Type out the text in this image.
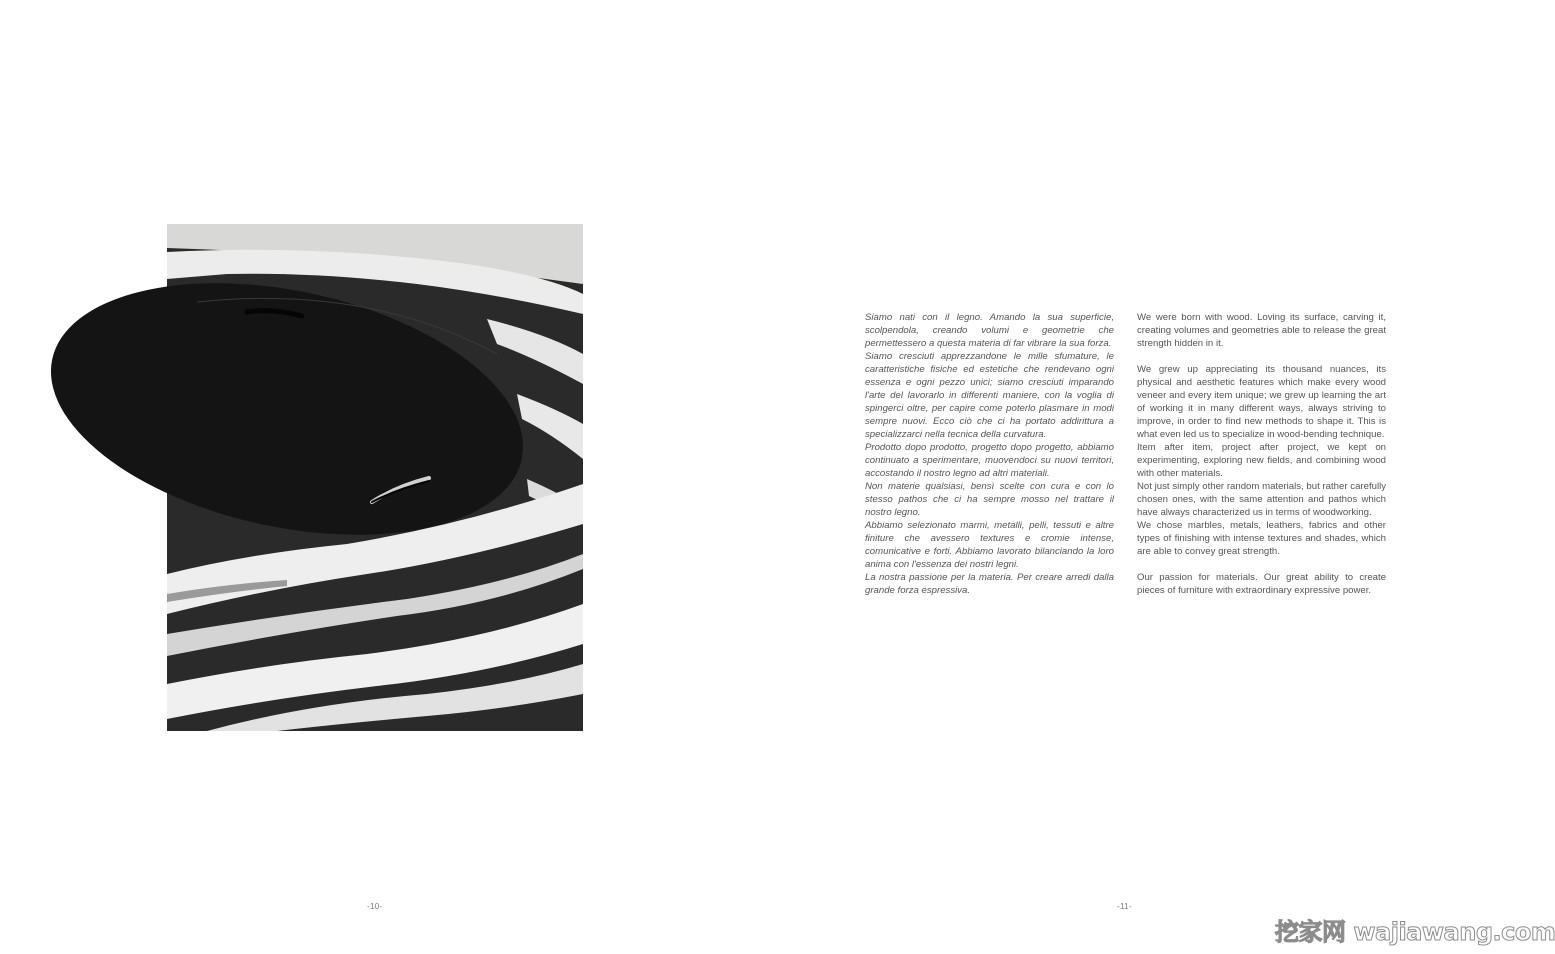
Siamo nati con il legno. Amando la sua superficie, scolpendola, creando volumi e geometrie che permettessero a questa materia di far vibrare la sua forza.

Siamo cresciuti apprezzandone le mille sfumature, le caratteristiche fisiche ed estetiche che rendevano ogni essenza e ogni pezzo unici; siamo cresciuti imparando l'arte del lavorarlo in differenti maniere, con la voglia di spingerci oltre, per capire come poterlo plasmare in modi sempre nuovi. Ecco ciò che ci ha portato addirittura a specializzarci nella tecnica della curvatura.

Prodotto dopo prodotto, progetto dopo progetto, abbiamo continuato a sperimentare, muovendoci su nuovi territori, accostando il nostro legno ad altri materiali.

Non materie qualsiasi, bensì scelte con cura e con lo stesso pathos che ci ha sempre mosso nel trattare il nostro legno.

Abbiamo selezionato marmi, metalli, pelli, tessuti e altre finiture che avessero textures e cromie intense, comunicative e forti. Abbiamo lavorato bilanciando la loro anima con l'essenza dei nostri legni.

La nostra passione per la materia. Per creare arredi dalla grande forza espressiva.

We were born with wood. Loving its surface, carving it, creating volumes and geometries able to release the great strength hidden in it.

We grew up appreciating its thousand nuances, its physical and aesthetic features which make every wood veneer and every item unique; we grew up learning the art of working it in many different ways, always striving to improve, in order to find new methods to shape it. This is what even led us to specialize in wood-bending technique.

Item after item, project after project, we kept on experimenting, exploring new fields, and combining wood with other materials.

Not just simply other random materials, but rather carefully chosen ones, with the same attention and pathos which have always characterized us in terms of woodworking.

We chose marbles, metals, leathers, fabrics and other types of finishing with intense textures and shades, which are able to convey great strength.

Our passion for materials. Our great ability to create pieces of furniture with extraordinary expressive power.

-10-	-11-
挖家网 wajiawang.com
